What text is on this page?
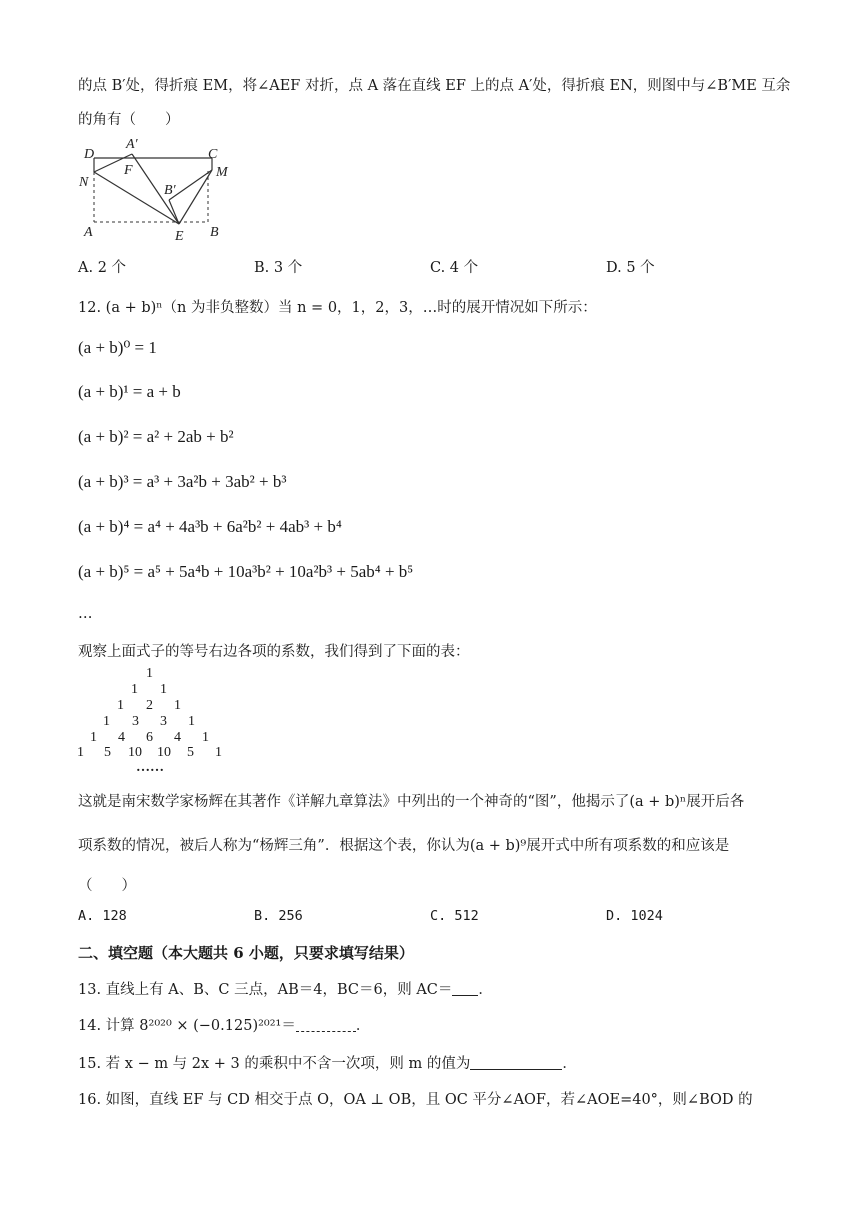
的点 B′处，得折痕 EM，将∠AEF 对折，点 A 落在直线 EF 上的点 A′处，得折痕 EN，则图中与∠B′ME 互余
的角有（　　）
D
A′
C
F	M
N
B′
A	E B
A. 2 个	B. 3 个	C. 4 个	D. 5 个
12. (a + b)ⁿ（n 为非负整数）当 n = 0，1，2，3，…时的展开情况如下所示：
(a + b)⁰ = 1
(a + b)¹ = a + b
(a + b)² = a² + 2ab + b²
(a + b)³ = a³ + 3a²b + 3ab² + b³
(a + b)⁴ = a⁴ + 4a³b + 6a²b² + 4ab³ + b⁴
(a + b)⁵ = a⁵ + 5a⁴b + 10a³b² + 10a²b³ + 5ab⁴ + b⁵
…
观察上面式子的等号右边各项的系数，我们得到了下面的表：
1
1 1
1 2 1
1 3 3 1
1 4 6 4 1
1 5 10 10 5 1
……
这就是南宋数学家杨辉在其著作《详解九章算法》中列出的一个神奇的“图”，他揭示了(a + b)ⁿ展开后各
项系数的情况，被后人称为“杨辉三角”．根据这个表，你认为(a + b)⁹展开式中所有项系数的和应该是
（　　）
A. 128	B. 256	C. 512	D. 1024
二、填空题（本大题共 6 小题，只要求填写结果）
13. 直线上有 A、B、C 三点，AB＝4，BC＝6，则 AC＝ ．
14. 计算 8²⁰²⁰ × (−0.125)²⁰²¹＝	．
15. 若 x − m 与 2x + 3 的乘积中不含一次项，则 m 的值为	．
16. 如图，直线 EF 与 CD 相交于点 O，OA ⊥ OB，且 OC 平分∠AOF，若∠AOE=40°，则∠BOD 的
